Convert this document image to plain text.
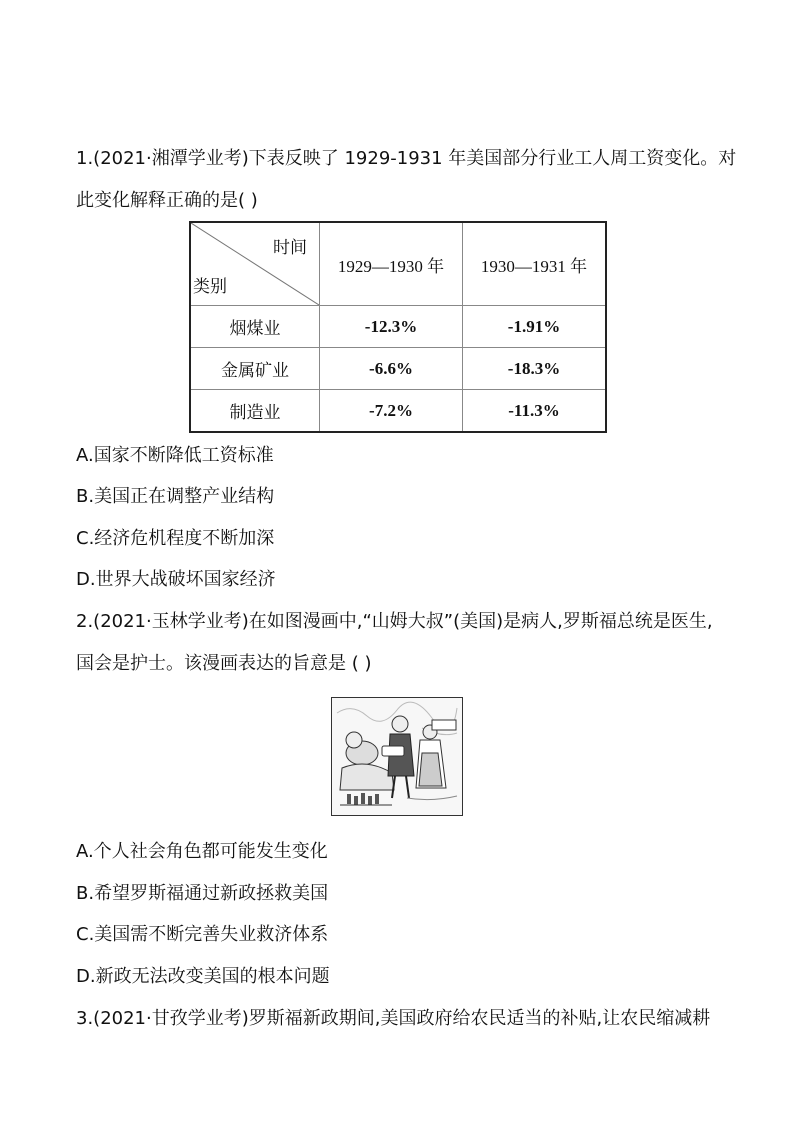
1.(2021·湘潭学业考)下表反映了 1929-1931 年美国部分行业工人周工资变化。对
此变化解释正确的是( )
时间
类别	1929—1930 年	1930—1931 年
烟煤业	-12.3%	-1.91%
金属矿业	-6.6%	-18.3%
制造业	-7.2%	-11.3%
A.国家不断降低工资标准
B.美国正在调整产业结构
C.经济危机程度不断加深
D.世界大战破坏国家经济
2.(2021·玉林学业考)在如图漫画中,“山姆大叔”(美国)是病人,罗斯福总统是医生,
国会是护士。该漫画表达的旨意是 ( )
A.个人社会角色都可能发生变化
B.希望罗斯福通过新政拯救美国
C.美国需不断完善失业救济体系
D.新政无法改变美国的根本问题
3.(2021·甘孜学业考)罗斯福新政期间,美国政府给农民适当的补贴,让农民缩减耕
